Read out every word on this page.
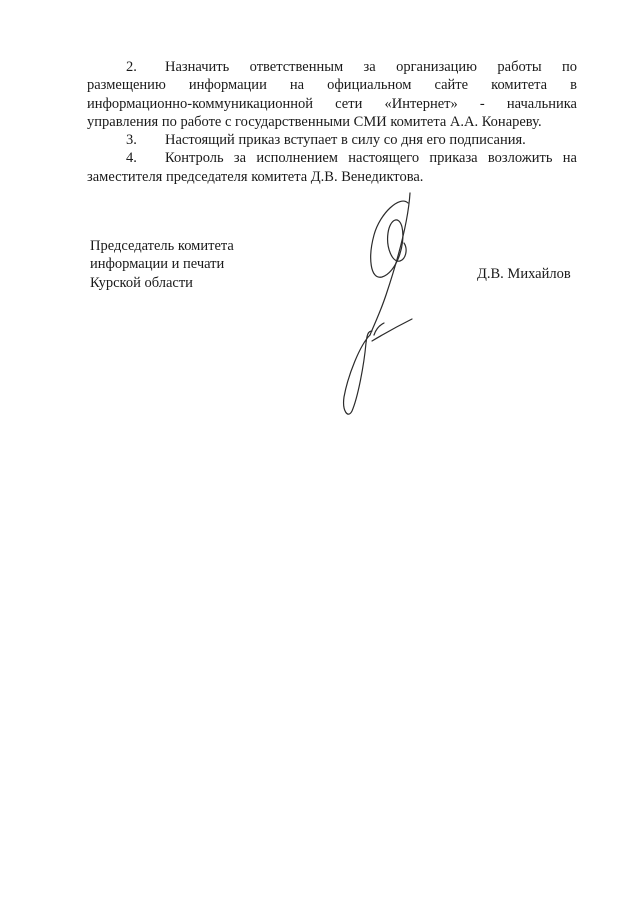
2. Назначить ответственным за организацию работы по
размещению информации на официальном сайте комитета в
информационно-коммуникационной сети «Интернет» - начальника
управления по работе с государственными СМИ комитета А.А. Конареву.
3. Настоящий приказ вступает в силу со дня его подписания.
4. Контроль за исполнением настоящего приказа возложить на
заместителя председателя комитета Д.В. Венедиктова.
Председатель комитета
информации и печати
Курской области
Д.В. Михайлов
